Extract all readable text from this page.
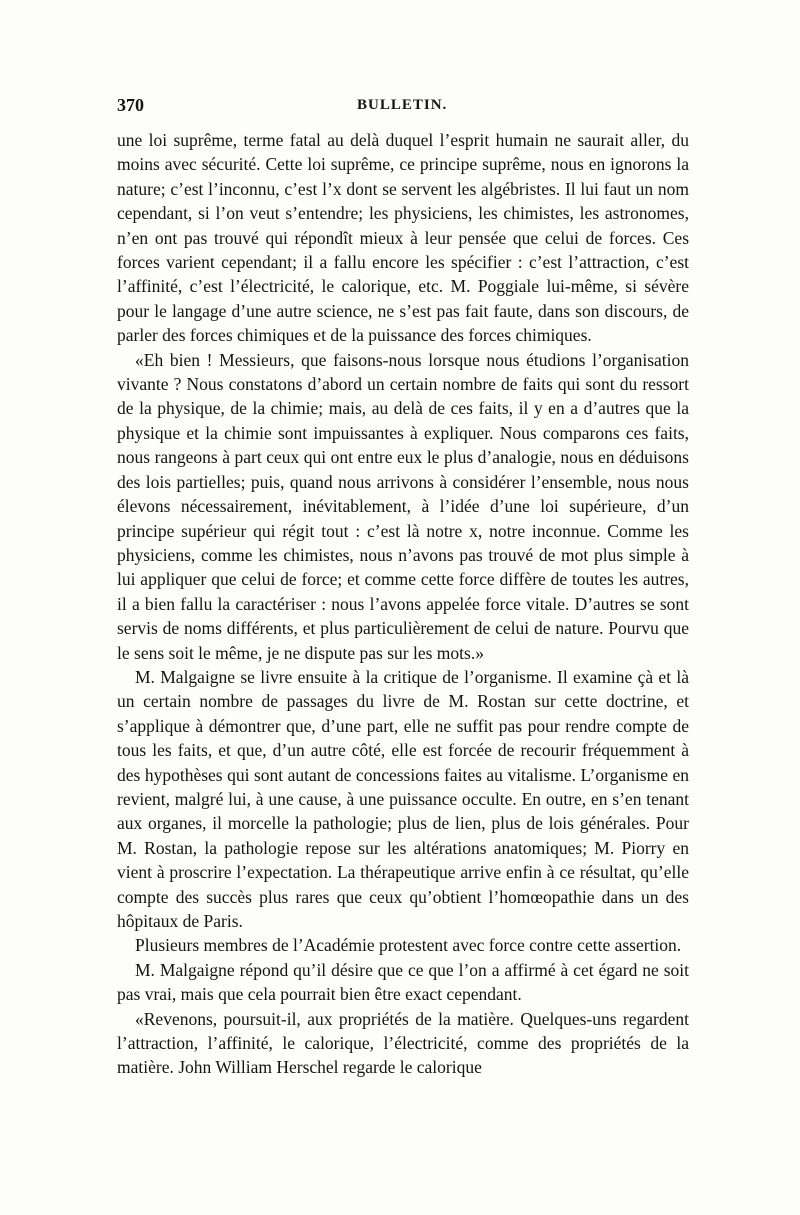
370	BULLETIN.

une loi suprême, terme fatal au delà duquel l’esprit humain ne saurait aller, du moins avec sécurité. Cette loi suprême, ce principe suprême, nous en ignorons la nature; c’est l’inconnu, c’est l’x dont se servent les algébristes. Il lui faut un nom cependant, si l’on veut s’entendre; les physiciens, les chimistes, les astronomes, n’en ont pas trouvé qui répondît mieux à leur pensée que celui de forces. Ces forces varient cependant; il a fallu encore les spécifier : c’est l’attraction, c’est l’affinité, c’est l’électricité, le calorique, etc. M. Poggiale lui-même, si sévère pour le langage d’une autre science, ne s’est pas fait faute, dans son discours, de parler des forces chimiques et de la puissance des forces chimiques.

«Eh bien ! Messieurs, que faisons-nous lorsque nous étudions l’organisation vivante ? Nous constatons d’abord un certain nombre de faits qui sont du ressort de la physique, de la chimie; mais, au delà de ces faits, il y en a d’autres que la physique et la chimie sont impuissantes à expliquer. Nous comparons ces faits, nous rangeons à part ceux qui ont entre eux le plus d’analogie, nous en déduisons des lois partielles; puis, quand nous arrivons à considérer l’ensemble, nous nous élevons nécessairement, inévitablement, à l’idée d’une loi supérieure, d’un principe supérieur qui régit tout : c’est là notre x, notre inconnue. Comme les physiciens, comme les chimistes, nous n’avons pas trouvé de mot plus simple à lui appliquer que celui de force; et comme cette force diffère de toutes les autres, il a bien fallu la caractériser : nous l’avons appelée force vitale. D’autres se sont servis de noms différents, et plus particulièrement de celui de nature. Pourvu que le sens soit le même, je ne dispute pas sur les mots.»

M. Malgaigne se livre ensuite à la critique de l’organisme. Il examine çà et là un certain nombre de passages du livre de M. Rostan sur cette doctrine, et s’applique à démontrer que, d’une part, elle ne suffit pas pour rendre compte de tous les faits, et que, d’un autre côté, elle est forcée de recourir fréquemment à des hypothèses qui sont autant de concessions faites au vitalisme. L’organisme en revient, malgré lui, à une cause, à une puissance occulte. En outre, en s’en tenant aux organes, il morcelle la pathologie; plus de lien, plus de lois générales. Pour M. Rostan, la pathologie repose sur les altérations anatomiques; M. Piorry en vient à proscrire l’expectation. La thérapeutique arrive enfin à ce résultat, qu’elle compte des succès plus rares que ceux qu’obtient l’homœopathie dans un des hôpitaux de Paris.

Plusieurs membres de l’Académie protestent avec force contre cette assertion.

M. Malgaigne répond qu’il désire que ce que l’on a affirmé à cet égard ne soit pas vrai, mais que cela pourrait bien être exact cependant.

«Revenons, poursuit-il, aux propriétés de la matière. Quelques-uns regardent l’attraction, l’affinité, le calorique, l’électricité, comme des propriétés de la matière. John William Herschel regarde le calorique
